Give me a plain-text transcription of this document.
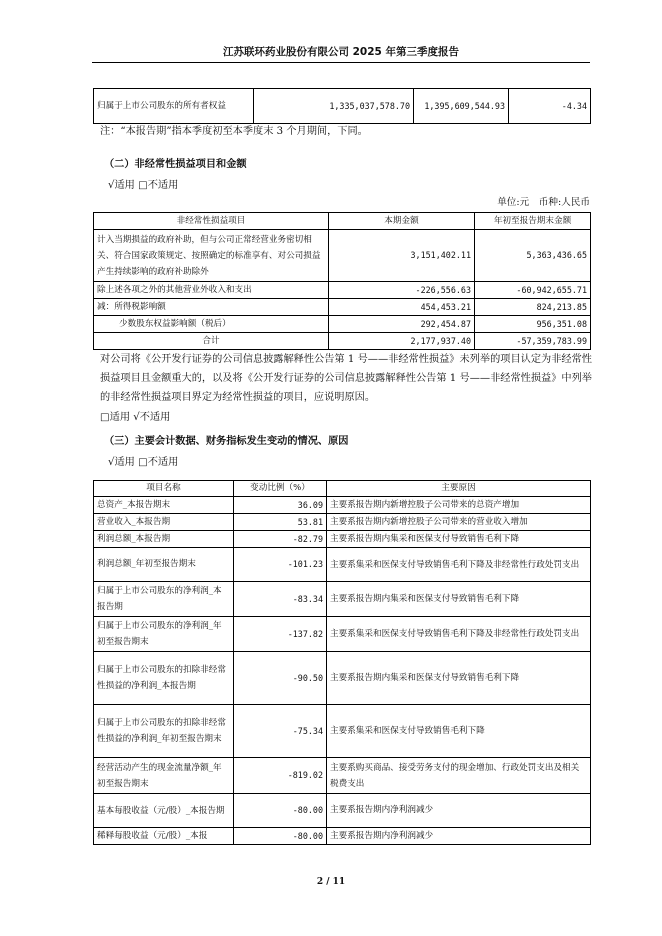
江苏联环药业股份有限公司 2025 年第三季度报告
归属于上市公司股东的所有者权益	1,335,037,578.70	1,395,609,544.93	-4.34
注：“本报告期”指本季度初至本季度末 3 个月期间，下同。
（二）非经常性损益项目和金额
√适用 □不适用
单位:元　币种:人民币
非经常性损益项目	本期金额	年初至报告期末金额
计入当期损益的政府补助，但与公司正常经营业务密切相关、符合国家政策规定、按照确定的标准享有、对公司损益产生持续影响的政府补助除外	3,151,402.11	5,363,436.65
除上述各项之外的其他营业外收入和支出	-226,556.63	-60,942,655.71
减：所得税影响额	454,453.21	824,213.85
少数股东权益影响额（税后）	292,454.87	956,351.08
合计	2,177,937.40	-57,359,783.99
对公司将《公开发行证券的公司信息披露解释性公告第 1 号——非经常性损益》未列举的项目认定为非经常性损益项目且金额重大的，以及将《公开发行证券的公司信息披露解释性公告第 1 号——非经常性损益》中列举的非经常性损益项目界定为经常性损益的项目，应说明原因。
□适用 √不适用
（三）主要会计数据、财务指标发生变动的情况、原因
√适用 □不适用
项目名称	变动比例（%）	主要原因
总资产_本报告期末	36.09	主要系报告期内新增控股子公司带来的总资产增加
营业收入_本报告期	53.81	主要系报告期内新增控股子公司带来的营业收入增加
利润总额_本报告期	-82.79	主要系报告期内集采和医保支付导致销售毛利下降
利润总额_年初至报告期末	-101.23	主要系集采和医保支付导致销售毛利下降及非经常性行政处罚支出
归属于上市公司股东的净利润_本报告期	-83.34	主要系报告期内集采和医保支付导致销售毛利下降
归属于上市公司股东的净利润_年初至报告期末	-137.82	主要系集采和医保支付导致销售毛利下降及非经常性行政处罚支出
归属于上市公司股东的扣除非经常性损益的净利润_本报告期	-90.50	主要系报告期内集采和医保支付导致销售毛利下降
归属于上市公司股东的扣除非经常性损益的净利润_年初至报告期末	-75.34	主要系集采和医保支付导致销售毛利下降
经营活动产生的现金流量净额_年初至报告期末	-819.02	主要系购买商品、接受劳务支付的现金增加、行政处罚支出及相关税费支出
基本每股收益（元/股）_本报告期	-80.00	主要系报告期内净利润减少
稀释每股收益（元/股）_本报	-80.00	主要系报告期内净利润减少
2 / 11
